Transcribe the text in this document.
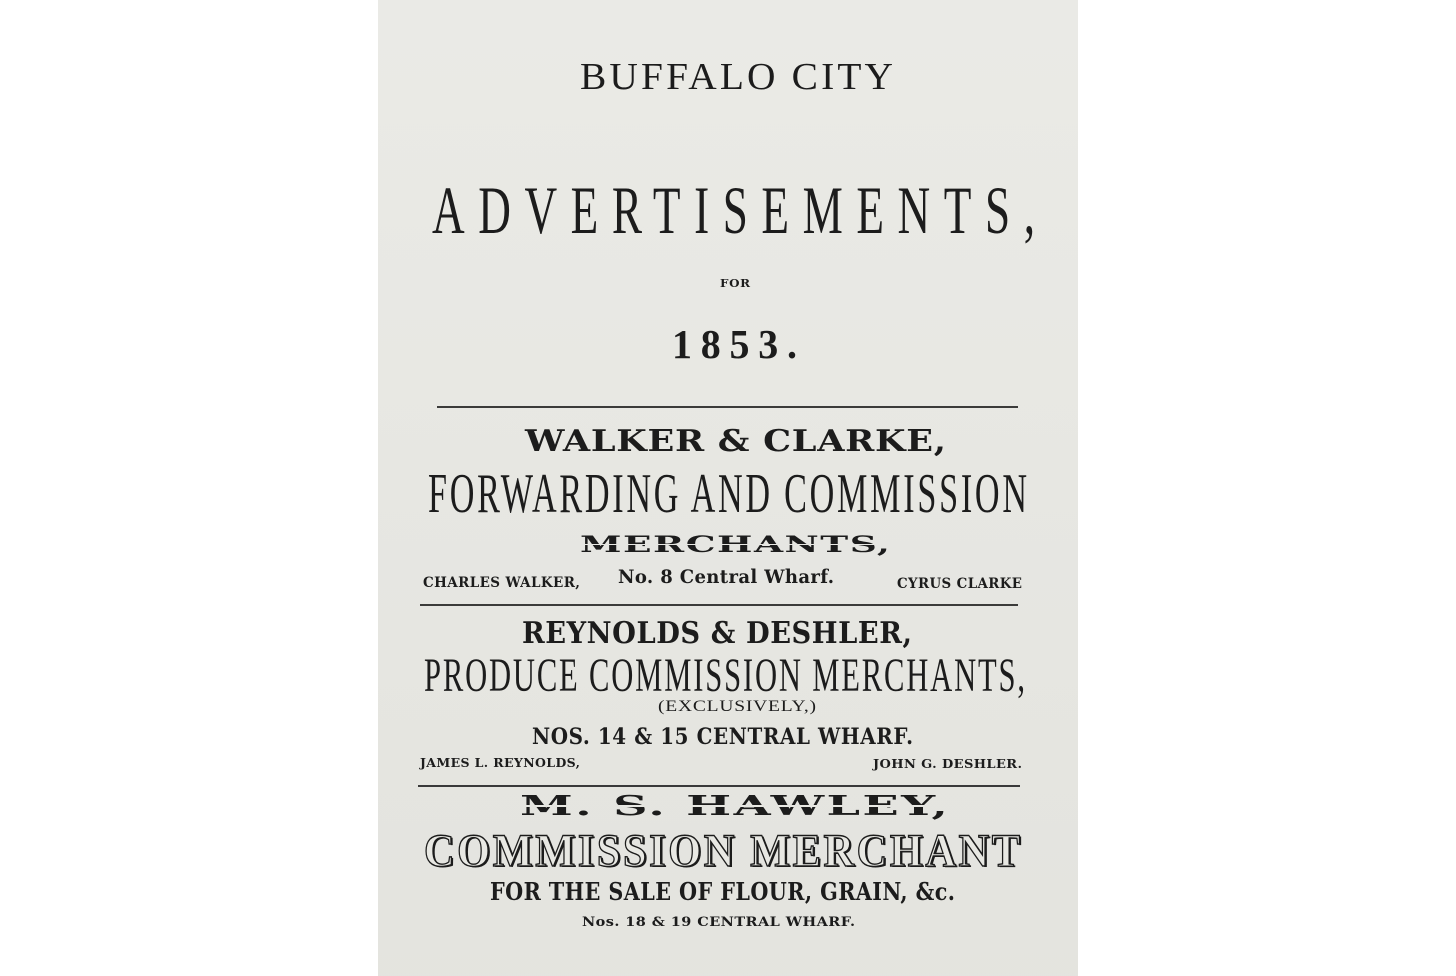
BUFFALO CITY
ADVERTISEMENTS,
FOR
1853.
WALKER & CLARKE,
FORWARDING AND COMMISSION
MERCHANTS,
CHARLES WALKER, No. 8 Central Wharf.	CYRUS CLARKE
REYNOLDS & DESHLER,
PRODUCE COMMISSION MERCHANTS,
(EXCLUSIVELY,)
NOS. 14 & 15 CENTRAL WHARF.
JAMES L. REYNOLDS,	JOHN G. DESHLER.
M. S. HAWLEY,
COMMISSION MERCHANT
FOR THE SALE OF FLOUR, GRAIN, &c.
Nos. 18 & 19 CENTRAL WHARF.
